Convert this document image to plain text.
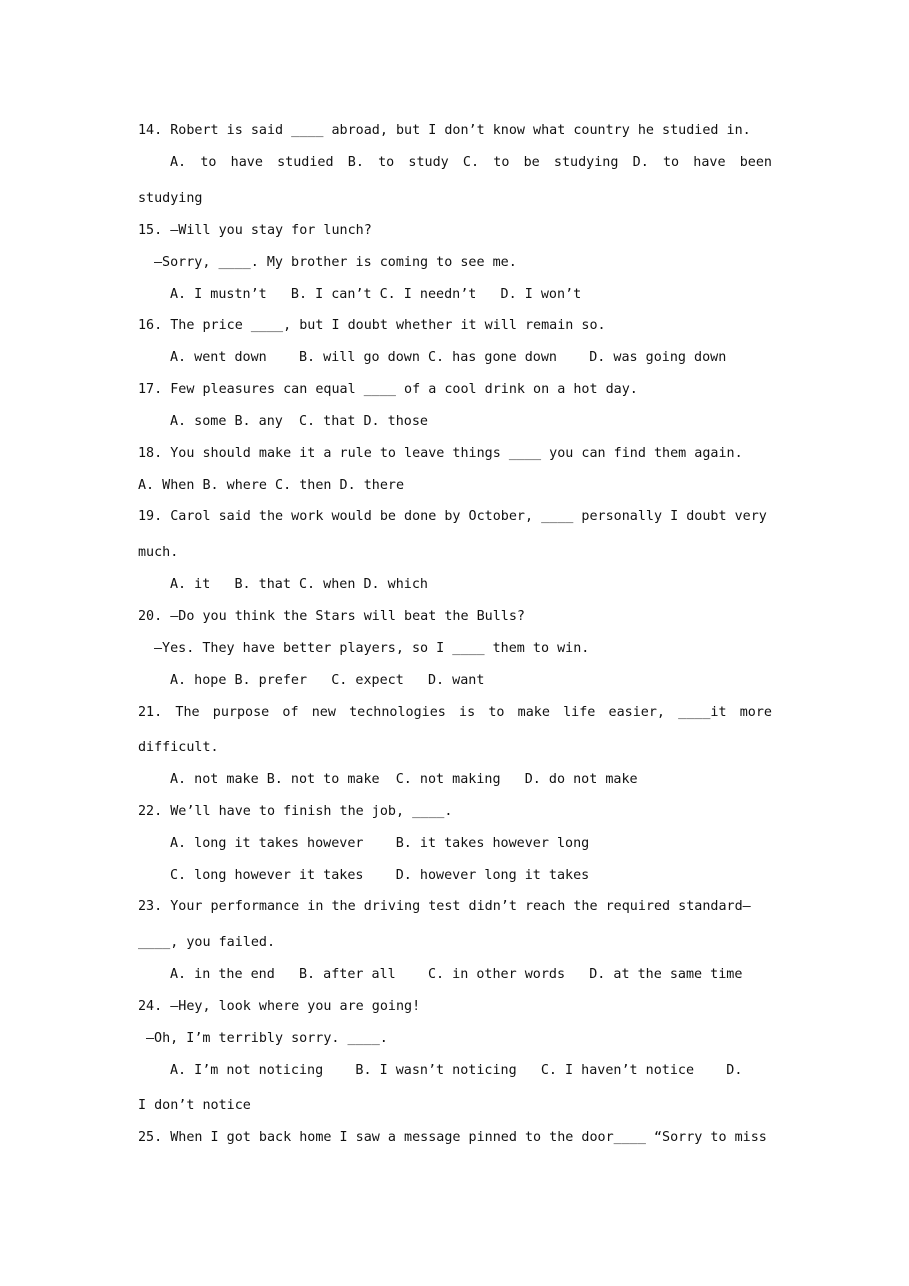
14. Robert is said ____ abroad, but I don’t know what country he studied in.
A. to have studied B. to study C. to be studying D. to have been
studying
15. —Will you stay for lunch?
—Sorry, ____. My brother is coming to see me.
A. I mustn’t   B. I can’t C. I needn’t   D. I won’t
16. The price ____, but I doubt whether it will remain so.
A. went down    B. will go down C. has gone down    D. was going down
17. Few pleasures can equal ____ of a cool drink on a hot day.
A. some B. any  C. that D. those
18. You should make it a rule to leave things ____ you can find them again.
A. When B. where C. then D. there
19. Carol said the work would be done by October, ____ personally I doubt very
much.
A. it   B. that C. when D. which
20. —Do you think the Stars will beat the Bulls?
—Yes. They have better players, so I ____ them to win.
A. hope B. prefer   C. expect   D. want
21. The purpose of new technologies is to make life easier, ____it more
difficult.
A. not make B. not to make  C. not making   D. do not make
22. We’ll have to finish the job, ____.
A. long it takes however    B. it takes however long
C. long however it takes    D. however long it takes
23. Your performance in the driving test didn’t reach the required standard—
____, you failed.
A. in the end   B. after all    C. in other words   D. at the same time
24. —Hey, look where you are going!
—Oh, I’m terribly sorry. ____.
A. I’m not noticing    B. I wasn’t noticing   C. I haven’t notice    D.
I don’t notice
25. When I got back home I saw a message pinned to the door____ “Sorry to miss
